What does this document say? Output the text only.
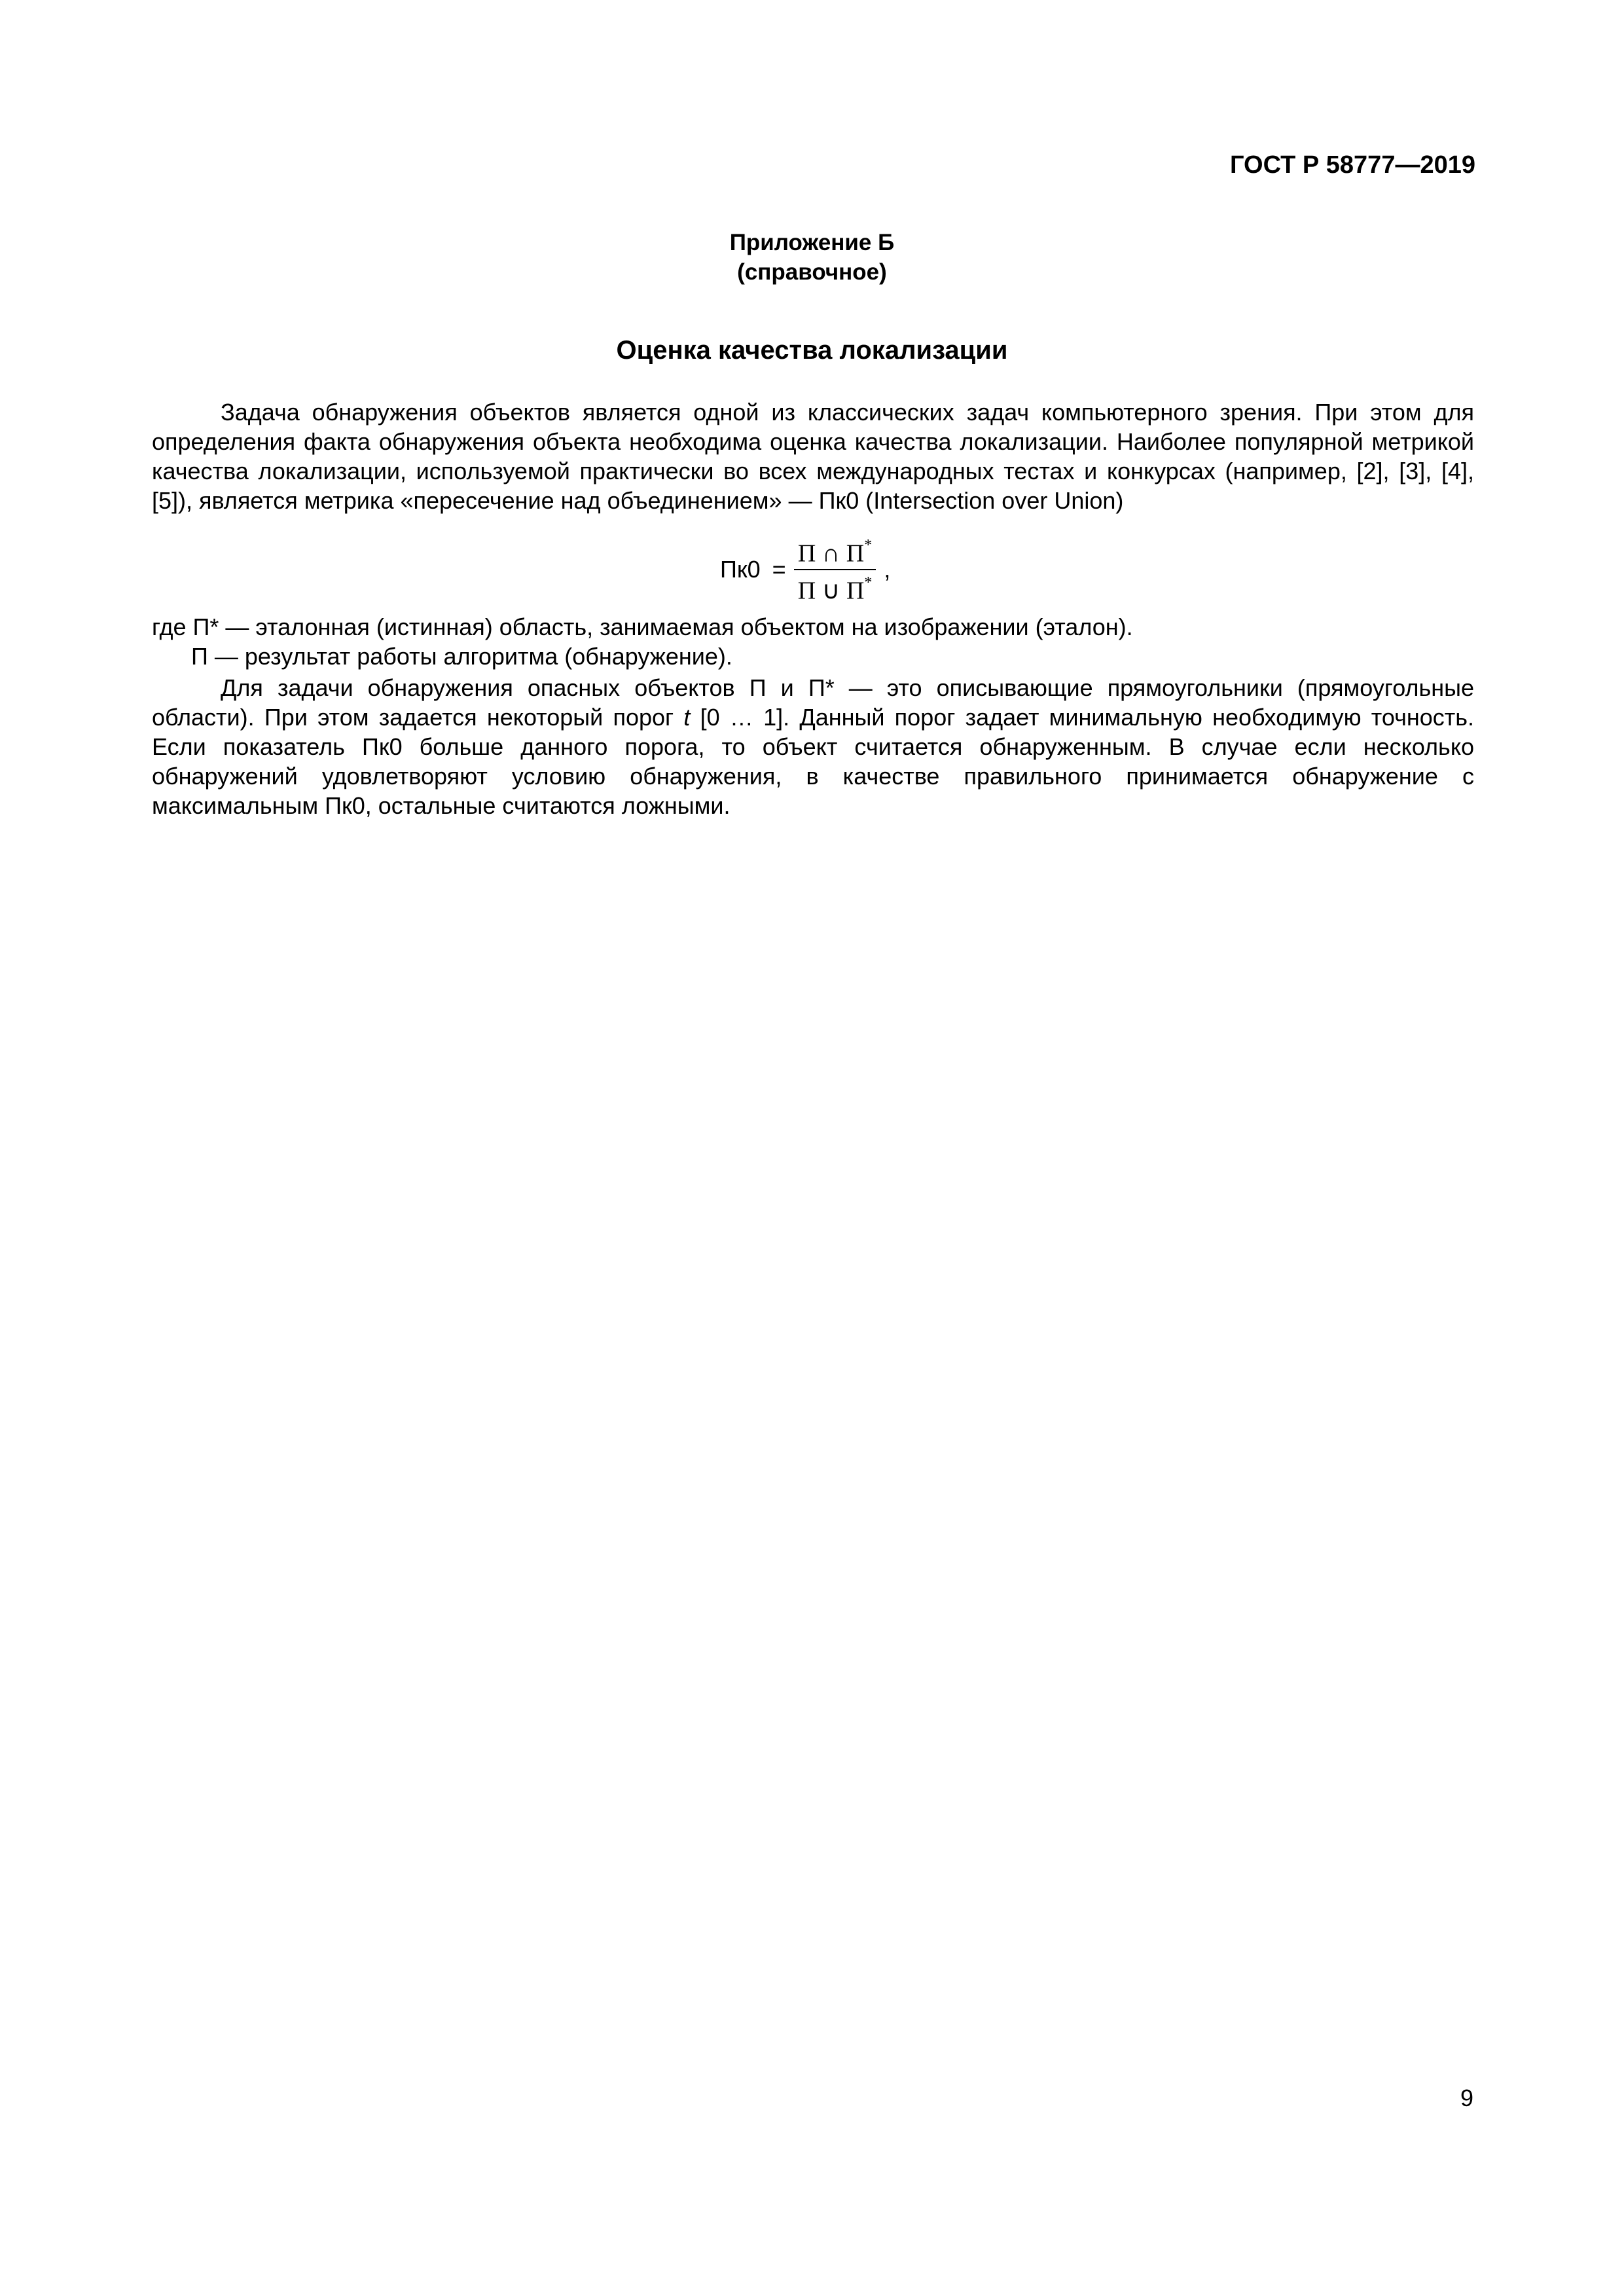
ГОСТ Р 58777—2019
Приложение Б
(справочное)
Оценка качества локализации

Задача обнаружения объектов является одной из классических задач компьютерного зрения. При этом для определения факта обнаружения объекта необходима оценка качества локализации. Наиболее популярной метрикой качества локализации, используемой практически во всех международных тестах и конкурсах (например, [2], [3], [4], [5]), является метрика «пересечение над объединением» — Пк0 (Intersection over Union)

$Пк0 = \frac{П \cap П^*}{П \cup П^*}$ ,
где П* — эталонная (истинная) область, занимаемая объектом на изображении (эталон).
П — результат работы алгоритма (обнаружение).

Для задачи обнаружения опасных объектов П и П* — это описывающие прямоугольники (прямоугольные области). При этом задается некоторый порог t [0 … 1]. Данный порог задает минимальную необходимую точность. Если показатель Пк0 больше данного порога, то объект считается обнаруженным. В случае если несколько обнаружений удовлетворяют условию обнаружения, в качестве правильного принимается обнаружение с максимальным Пк0, остальные считаются ложными.

9
